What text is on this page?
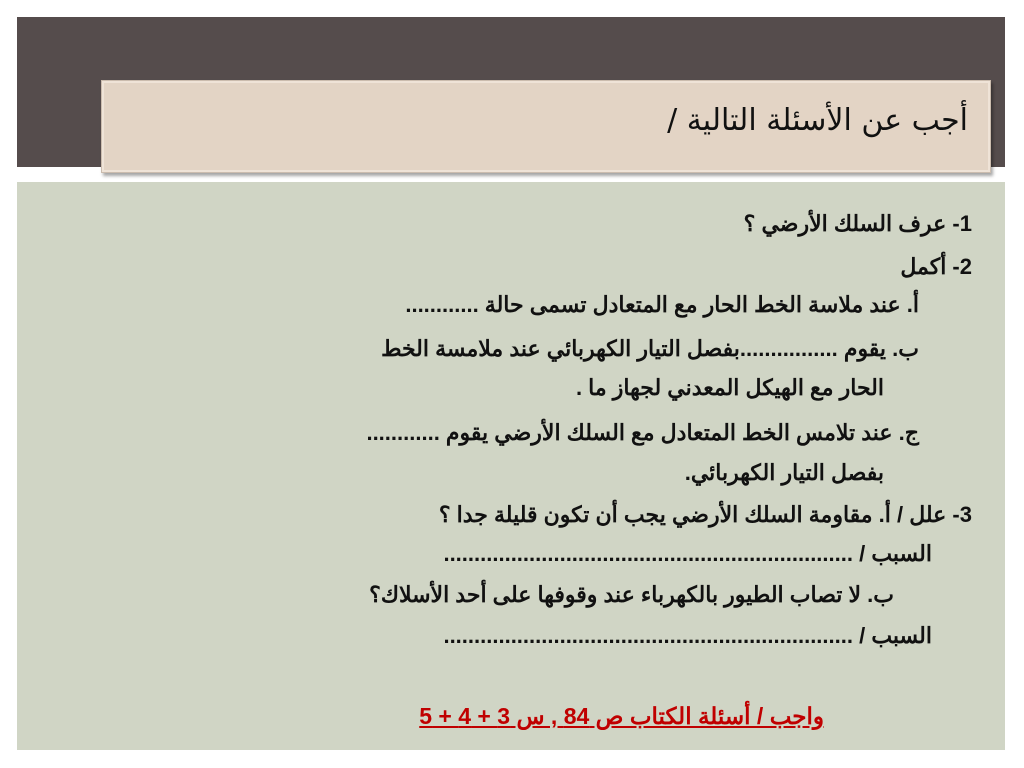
أجب عن الأسئلة التالية /

1- عرف السلك الأرضي ؟

2- أكمل

أ. عند ملاسة الخط الحار مع المتعادل تسمى حالة ............

ب. يقوم ................بفصل التيار الكهربائي عند ملامسة الخط

الحار مع الهيكل المعدني لجهاز ما .

ج. عند تلامس الخط المتعادل مع السلك الأرضي يقوم ............

بفصل التيار الكهربائي.

3- علل / أ. مقاومة السلك الأرضي يجب أن تكون قليلة جدا ؟

السبب / ...................................................................

ب. لا تصاب الطيور بالكهرباء عند وقوفها على أحد الأسلاك؟

السبب / ...................................................................

واجب / أسئلة الكتاب ص 84 , س 3 + 4 + 5
